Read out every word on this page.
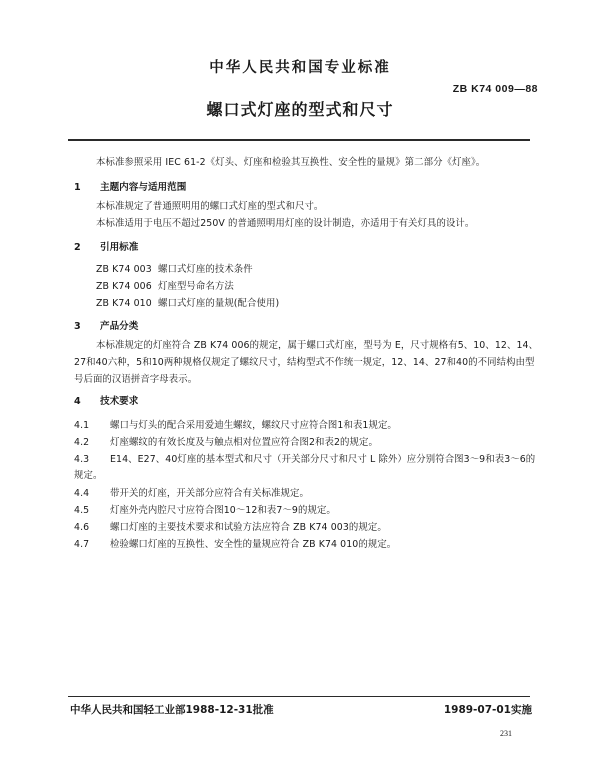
中华人民共和国专业标准
ZB K74 009—88
螺口式灯座的型式和尺寸
本标准参照采用 IEC 61-2《灯头、灯座和检验其互换性、安全性的量规》第二部分《灯座》。
1 主题内容与适用范围
本标准规定了普通照明用的螺口式灯座的型式和尺寸。
本标准适用于电压不超过250V 的普通照明用灯座的设计制造，亦适用于有关灯具的设计。
2 引用标准
ZB K74 003 螺口式灯座的技术条件
ZB K74 006 灯座型号命名方法
ZB K74 010 螺口式灯座的量规(配合使用)
3 产品分类
本标准规定的灯座符合 ZB K74 006的规定，属于螺口式灯座，型号为 E，尺寸规格有5、10、12、14、
27和40六种，5和10两种规格仅规定了螺纹尺寸，结构型式不作统一规定，12、14、27和40的不同结构由型
号后面的汉语拼音字母表示。
4 技术要求
4.1 螺口与灯头的配合采用爱迪生螺纹，螺纹尺寸应符合图1和表1规定。
4.2 灯座螺纹的有效长度及与触点相对位置应符合图2和表2的规定。
4.3 E14、E27、40灯座的基本型式和尺寸（开关部分尺寸和尺寸 L 除外）应分别符合图3～9和表3～6的
规定。
4.4 带开关的灯座，开关部分应符合有关标准规定。
4.5 灯座外壳内腔尺寸应符合图10～12和表7～9的规定。
4.6 螺口灯座的主要技术要求和试验方法应符合 ZB K74 003的规定。
4.7 检验螺口灯座的互换性、安全性的量规应符合 ZB K74 010的规定。
中华人民共和国轻工业部1988-12-31批准	1989-07-01实施
231
